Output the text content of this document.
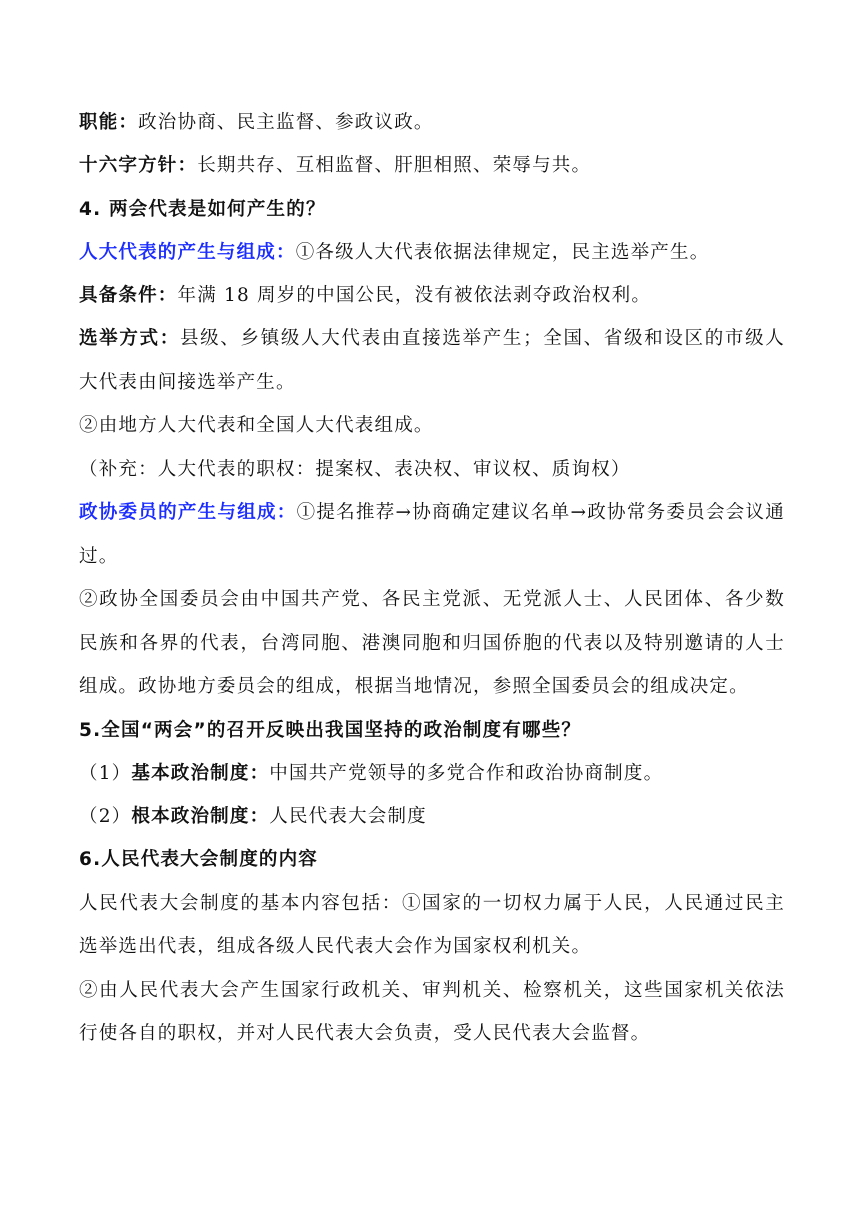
职能：政治协商、民主监督、参政议政。
十六字方针：长期共存、互相监督、肝胆相照、荣辱与共。
4. 两会代表是如何产生的？
人大代表的产生与组成：①各级人大代表依据法律规定，民主选举产生。
具备条件：年满 18 周岁的中国公民，没有被依法剥夺政治权利。
选举方式：县级、乡镇级人大代表由直接选举产生；全国、省级和设区的市级人大代表由间接选举产生。
②由地方人大代表和全国人大代表组成。
（补充：人大代表的职权：提案权、表决权、审议权、质询权）
政协委员的产生与组成：①提名推荐→协商确定建议名单→政协常务委员会会议通过。
②政协全国委员会由中国共产党、各民主党派、无党派人士、人民团体、各少数民族和各界的代表，台湾同胞、港澳同胞和归国侨胞的代表以及特别邀请的人士组成。政协地方委员会的组成，根据当地情况，参照全国委员会的组成决定。
5.全国“两会”的召开反映出我国坚持的政治制度有哪些？
（1）基本政治制度：中国共产党领导的多党合作和政治协商制度。
（2）根本政治制度：人民代表大会制度
6.人民代表大会制度的内容
人民代表大会制度的基本内容包括：①国家的一切权力属于人民，人民通过民主选举选出代表，组成各级人民代表大会作为国家权利机关。
②由人民代表大会产生国家行政机关、审判机关、检察机关，这些国家机关依法行使各自的职权，并对人民代表大会负责，受人民代表大会监督。
